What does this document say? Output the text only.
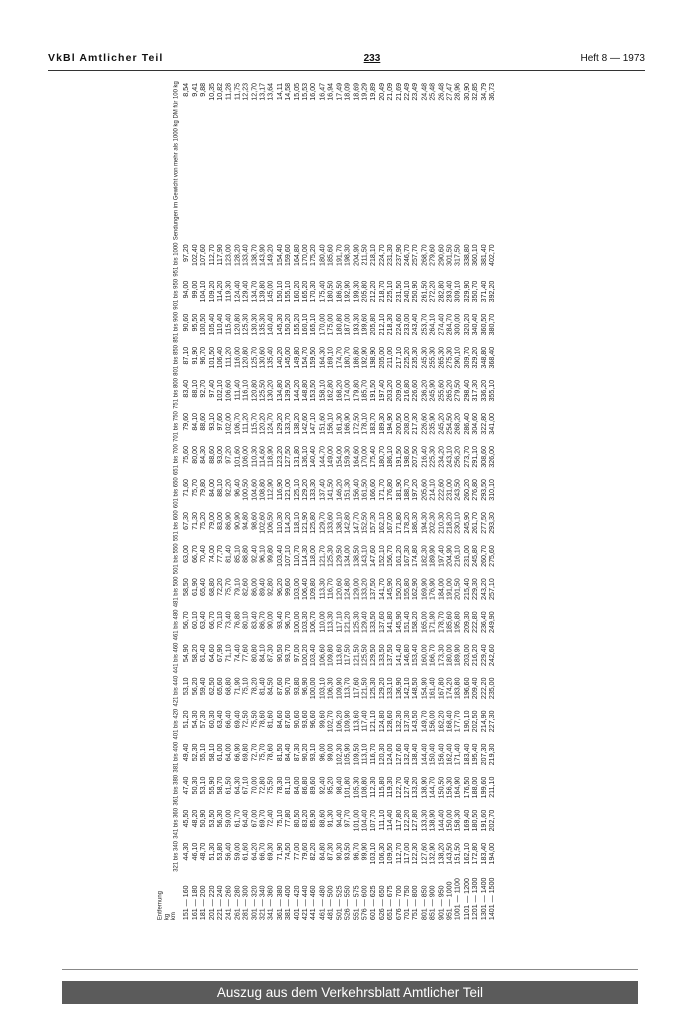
VkBl Amtlicher Teil	233	Heft 8 — 1973
Entfernung kg km	321 bis 340	341 bis 360	361 bis 380	381 bis 400	401 bis 420	421 bis 440	441 bis 460	461 bis 480	481 bis 500	501 bis 550	551 bis 600	601 bis 650	651 bis 700	701 bis 750	751 bis 800	801 bis 850	851 bis 900	901 bis 950	951 bis 1000	Sendungen im Gewicht von mehr als 1000 kg DM für 100 kg
151 — 160	44,30	45,50	47,40	49,40	51,20	53,10	54,90	56,70	58,50	63,00	67,30	71,60	75,60	79,60	83,40	87,10	90,60	94,00	97,20	8,54
161 — 180	46,10	48,20	50,30	52,30	54,30	56,20	58,20	60,10	61,90	66,70	71,30	75,70	80,00	84,10	88,10	91,90	95,50	99,00	102,40	9,41
181 — 200	48,70	50,90	53,10	55,10	57,30	59,40	61,40	63,40	65,40	70,40	75,20	79,80	84,30	88,60	92,70	96,70	100,50	104,10	107,60	9,88
201 — 220	51,30	53,50	55,90	58,10	60,30	62,50	64,60	66,70	68,80	74,00	79,00	84,00	88,60	93,10	97,40	101,50	105,40	109,20	112,70	10,35
221 — 240	53,80	56,30	58,70	61,00	63,40	65,60	67,90	70,10	72,20	77,70	83,00	88,10	93,00	97,60	102,10	106,40	110,40	114,20	117,90	10,82
241 — 260	56,40	59,00	61,50	64,00	66,40	68,80	71,10	73,40	75,70	81,40	86,90	92,20	97,20	102,00	106,60	111,20	115,40	119,30	123,00	11,28
261 — 280	59,00	61,70	64,30	66,90	69,40	71,90	74,40	76,80	79,10	85,10	90,90	96,40	101,60	106,70	111,40	116,00	120,80	124,40	128,20	11,75
281 — 300	61,60	64,40	67,10	69,80	72,50	75,10	77,60	80,10	82,60	88,80	94,80	100,50	106,00	111,20	116,10	120,80	125,30	129,40	133,40	12,23
301 — 320	64,20	67,00	70,00	72,70	75,50	78,20	80,80	83,40	86,00	92,40	98,60	104,60	110,30	115,70	120,80	125,70	130,30	134,70	138,70	12,70
321 — 340	66,70	69,70	72,80	75,70	78,60	81,40	84,10	86,70	89,40	96,10	102,60	108,80	114,60	120,20	125,50	130,60	135,30	139,80	143,90	13,17
341 — 360	69,30	72,40	75,50	78,60	81,60	84,50	87,30	90,00	92,80	99,80	106,50	112,90	118,90	124,70	130,20	135,40	140,40	145,00	149,20	13,64
361 — 380	71,90	75,10	78,30	81,50	84,60	87,60	90,50	93,40	96,20	103,40	110,30	116,90	123,20	129,20	134,80	140,20	145,30	150,10	154,40	14,11
381 — 400	74,50	77,80	81,10	84,40	87,60	90,70	93,70	96,70	99,60	107,10	114,20	121,00	127,50	133,70	139,50	145,00	150,20	155,10	159,60	14,58
401 — 420	77,00	80,50	84,00	87,30	90,60	93,80	97,00	100,00	103,00	110,70	118,10	125,10	131,80	138,20	144,20	149,80	155,20	160,20	164,80	15,05
421 — 440	79,60	83,20	86,80	90,20	93,60	96,90	100,20	103,30	106,40	114,30	121,90	129,20	136,10	142,60	148,80	154,70	160,10	165,20	170,00	15,53
441 — 460	82,20	85,90	89,60	93,10	96,60	100,00	103,40	106,70	109,80	118,00	125,80	133,30	140,40	147,10	153,50	159,50	165,10	170,30	175,20	16,00
461 — 480	84,80	88,60	92,40	96,00	99,60	103,10	106,60	110,00	113,30	121,70	129,70	137,40	144,70	151,60	158,10	164,30	170,00	175,40	180,40	16,47
481 — 500	87,30	91,30	95,20	99,00	102,70	106,30	109,80	113,30	116,70	125,30	133,60	141,50	149,00	156,10	162,80	169,10	175,00	180,50	185,60	16,94
501 — 525	90,30	94,40	98,40	102,30	106,20	109,90	113,60	117,10	120,60	129,50	138,10	146,20	154,00	161,30	168,20	174,70	180,80	186,50	191,70	17,49
526 — 550	93,50	97,70	101,80	105,90	109,90	113,70	117,50	121,20	124,80	134,00	142,80	151,30	159,30	166,90	174,00	180,70	187,00	192,90	198,30	18,09
551 — 575	96,70	101,00	105,30	109,50	113,60	117,60	121,50	125,30	129,00	138,50	147,70	156,40	164,60	172,50	179,80	186,80	193,30	199,30	204,90	18,69
576 — 600	99,90	104,40	108,80	113,10	117,40	121,50	125,50	129,40	133,20	143,10	152,50	161,50	170,00	178,10	185,70	192,90	199,60	205,80	211,50	19,29
601 — 625	103,10	107,70	112,30	116,70	121,10	125,30	129,50	133,50	137,50	147,60	157,30	166,60	175,40	183,70	191,50	198,90	205,80	212,20	218,10	19,89
626 — 650	106,30	111,10	115,80	120,30	124,80	129,20	133,50	137,60	141,70	152,10	162,10	171,70	180,70	189,30	197,40	205,00	212,10	218,70	224,70	20,49
651 — 675	109,50	114,40	119,30	124,00	128,60	133,10	137,50	141,80	145,90	156,70	167,00	176,80	186,10	194,90	203,20	211,00	218,30	225,10	231,30	21,09
676 — 700	112,70	117,80	122,70	127,60	132,30	136,90	141,40	145,90	150,20	161,20	171,80	181,90	191,50	200,50	209,00	217,10	224,60	231,50	237,90	21,69
701 — 750	117,00	122,20	127,40	132,40	137,30	142,10	146,80	151,40	155,80	167,30	178,20	188,70	198,60	208,00	216,80	225,20	233,00	240,10	246,70	22,49
751 — 800	122,30	127,80	133,20	138,40	143,50	148,50	153,40	158,20	162,90	174,80	186,30	197,20	207,50	217,30	226,60	235,30	243,40	250,90	257,70	23,49
801 — 850	127,60	133,30	138,90	144,40	149,70	154,90	160,00	165,00	169,90	182,30	194,30	205,60	216,40	226,60	236,20	245,30	253,70	261,50	268,70	24,48
851 — 900	132,90	138,90	144,70	150,40	156,00	161,40	166,70	171,90	176,90	189,90	202,30	214,10	225,30	235,90	245,90	255,30	264,10	272,20	279,60	25,48
901 — 950	138,20	144,40	150,50	156,40	162,20	167,80	173,30	178,70	184,00	197,40	210,30	222,60	234,20	245,20	255,60	265,30	274,40	282,80	290,60	26,48
951 — 1000	143,50	150,00	156,30	162,40	168,40	174,20	180,00	185,60	191,00	204,90	218,20	231,00	243,10	254,50	265,20	275,30	284,70	293,40	301,50	27,47
1001 — 1100	151,50	158,30	164,90	171,40	177,70	183,80	189,90	195,80	201,50	216,10	230,10	243,50	256,20	268,20	279,50	290,10	300,00	309,10	317,50	28,96
1101 — 1200	162,10	169,40	176,50	183,40	190,10	196,60	203,00	209,30	215,40	231,00	245,90	260,20	273,70	286,40	298,40	309,70	320,20	329,90	338,80	30,90
1201 — 1300	172,80	180,50	188,00	195,40	202,50	209,40	216,20	222,80	229,30	245,80	261,70	276,80	291,10	304,60	317,30	329,20	340,40	350,70	360,10	32,85
1301 — 1400	183,40	191,60	199,60	207,30	214,90	222,20	229,40	236,40	243,20	260,70	277,50	293,50	308,60	322,80	336,20	348,80	360,50	371,40	381,40	34,79
1401 — 1500	194,00	202,70	211,10	219,30	227,30	235,00	242,60	249,90	257,10	275,60	293,30	310,10	326,00	341,00	355,10	368,40	380,70	392,20	402,70	36,73
Auszug aus dem Verkehrsblatt Amtlicher Teil
